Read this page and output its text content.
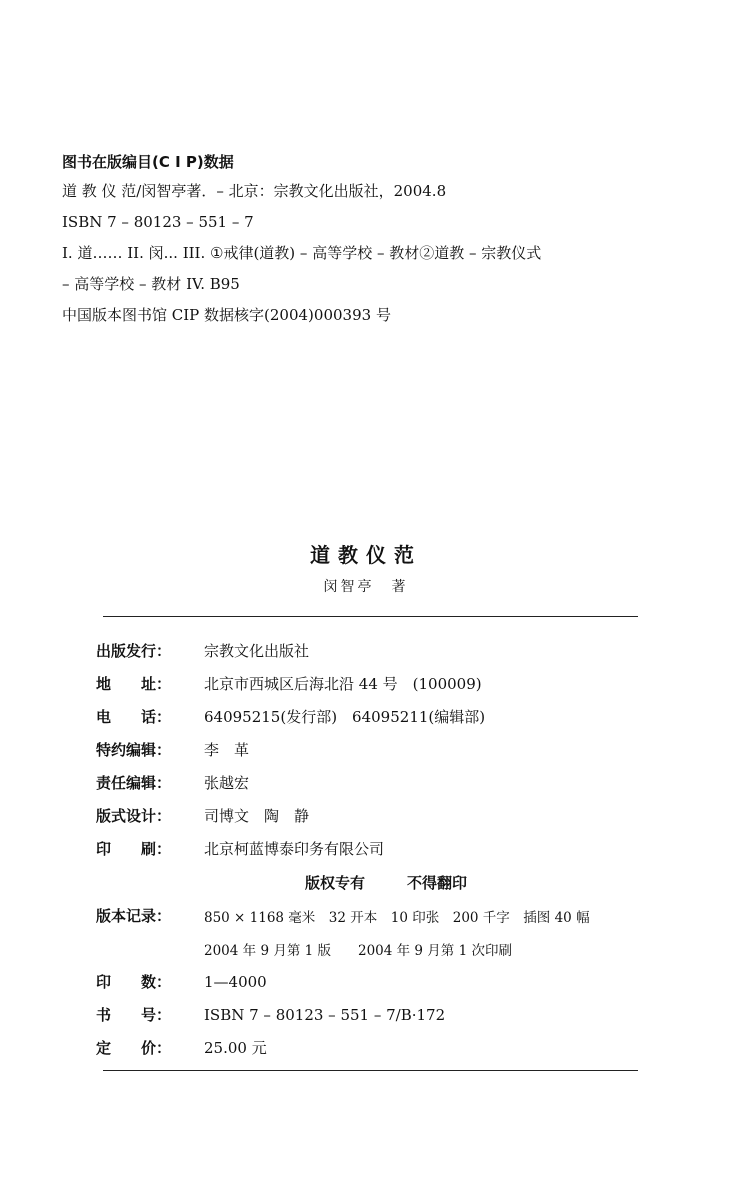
图书在版编目(C I P)数据
道 教 仪 范/闵智亭著．– 北京：宗教文化出版社，2004.8
ISBN 7 – 80123 – 551 – 7
I. 道…… II. 闵... III. ①戒律(道教) – 高等学校 – 教材②道教 – 宗教仪式
– 高等学校 – 教材 IV. B95
中国版本图书馆 CIP 数据核字(2004)000393 号
道教仪范
闵智亭　著
出版发行：	宗教文化出版社
地　　址：	北京市西城区后海北沿 44 号　(100009)
电　　话：	64095215(发行部)　64095211(编辑部)
特约编辑：	李　革
责任编辑：	张越宏
版式设计：	司博文　陶　静
印　　刷：	北京柯蓝博泰印务有限公司
版权专有	不得翻印
版本记录：	850 × 1168 毫米　32 开本　10 印张　200 千字　插图 40 幅
2004 年 9 月第 1 版　　2004 年 9 月第 1 次印刷
印　　数：	1—4000
书　　号：	ISBN 7 – 80123 – 551 – 7/B·172
定　　价：	25.00 元
